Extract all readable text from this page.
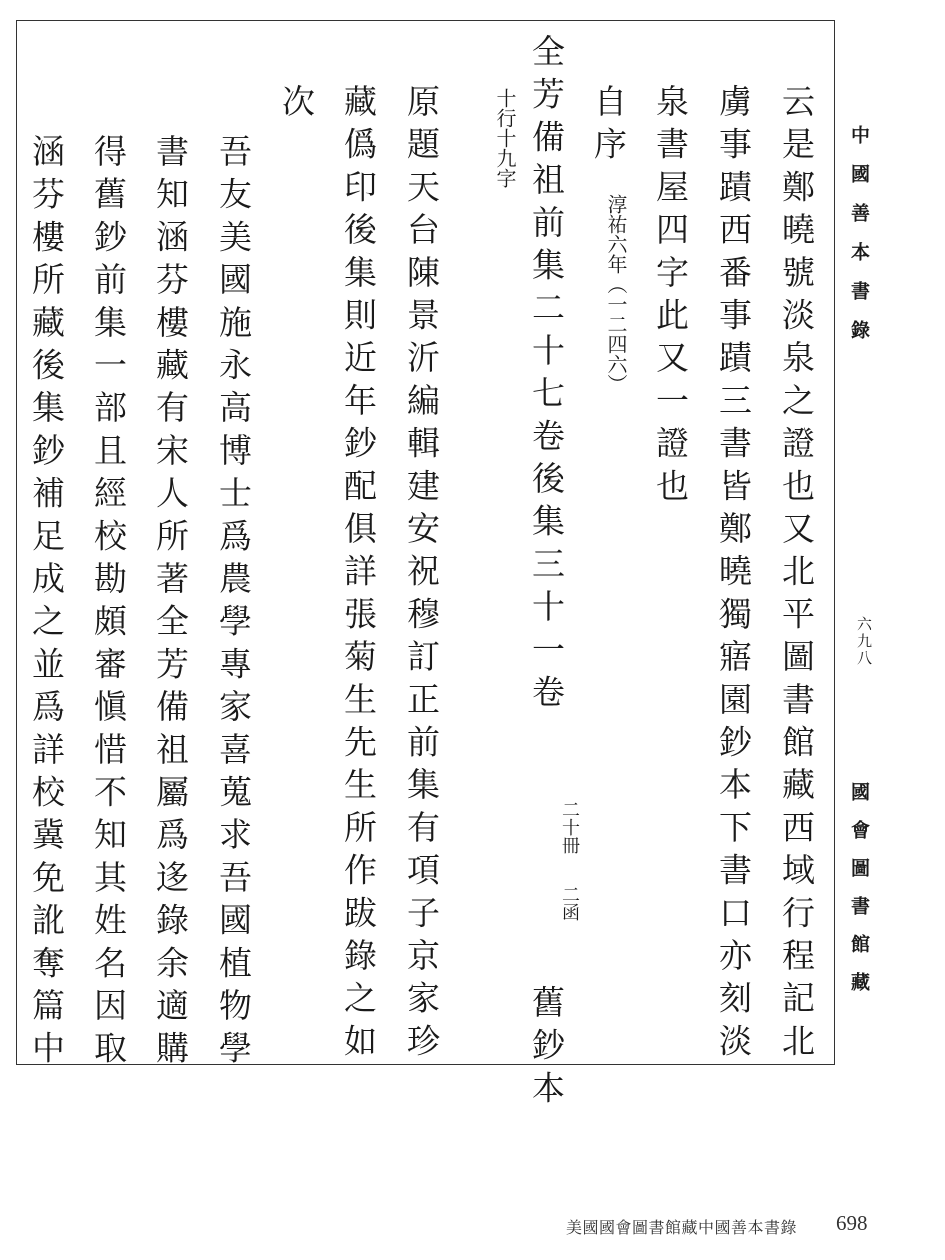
中國善本書錄
六九八
國會圖書館藏
云是鄭曉號淡泉之證也又北平圖書館藏西域行程記北
虜事蹟西番事蹟三書皆鄭曉獨寤園鈔本下書口亦刻淡
泉書屋四字此又一證也
自序
淳祐六年（一二四六）
全芳備祖前集二十七卷後集三十一卷
二十冊
二函
舊鈔本
十行十九字
原題天台陳景沂編輯建安祝穆訂正前集有項子京家珍
藏僞印後集則近年鈔配俱詳張菊生先生所作跋錄之如
次
吾友美國施永高博士爲農學專家喜蒐求吾國植物學
書知涵芬樓藏有宋人所著全芳備祖屬爲迻錄余適購
得舊鈔前集一部且經校勘頗審愼惜不知其姓名因取
涵芬樓所藏後集鈔補足成之並爲詳校冀免訛奪篇中
美國國會圖書館藏中國善本書錄 698
